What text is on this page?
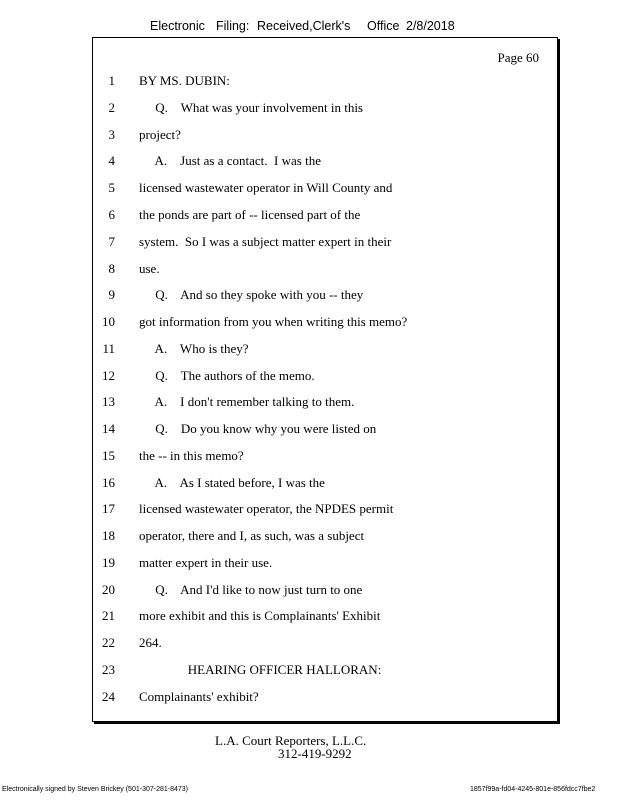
Electronic Filing: Received,Clerk's Office 2/8/2018
Page 60
1 BY MS. DUBIN:
2 Q.    What was your involvement in this
3 project?
4 A.    Just as a contact.  I was the
5 licensed wastewater operator in Will County and
6 the ponds are part of -- licensed part of the
7 system.  So I was a subject matter expert in their
8 use.
9 Q.    And so they spoke with you -- they
10 got information from you when writing this memo?
11 A.    Who is they?
12 Q.    The authors of the memo.
13 A.    I don't remember talking to them.
14 Q.    Do you know why you were listed on
15 the -- in this memo?
16 A.    As I stated before, I was the
17 licensed wastewater operator, the NPDES permit
18 operator, there and I, as such, was a subject
19 matter expert in their use.
20 Q.    And I'd like to now just turn to one
21 more exhibit and this is Complainants' Exhibit
22 264.
23 HEARING OFFICER HALLORAN:
24 Complainants' exhibit?
L.A. Court Reporters, L.L.C.
312-419-9292
Electronically signed by Steven Brickey (501-307-281-8473)	1857f99a-fd04-4245-801e-856fdcc7fbe2
